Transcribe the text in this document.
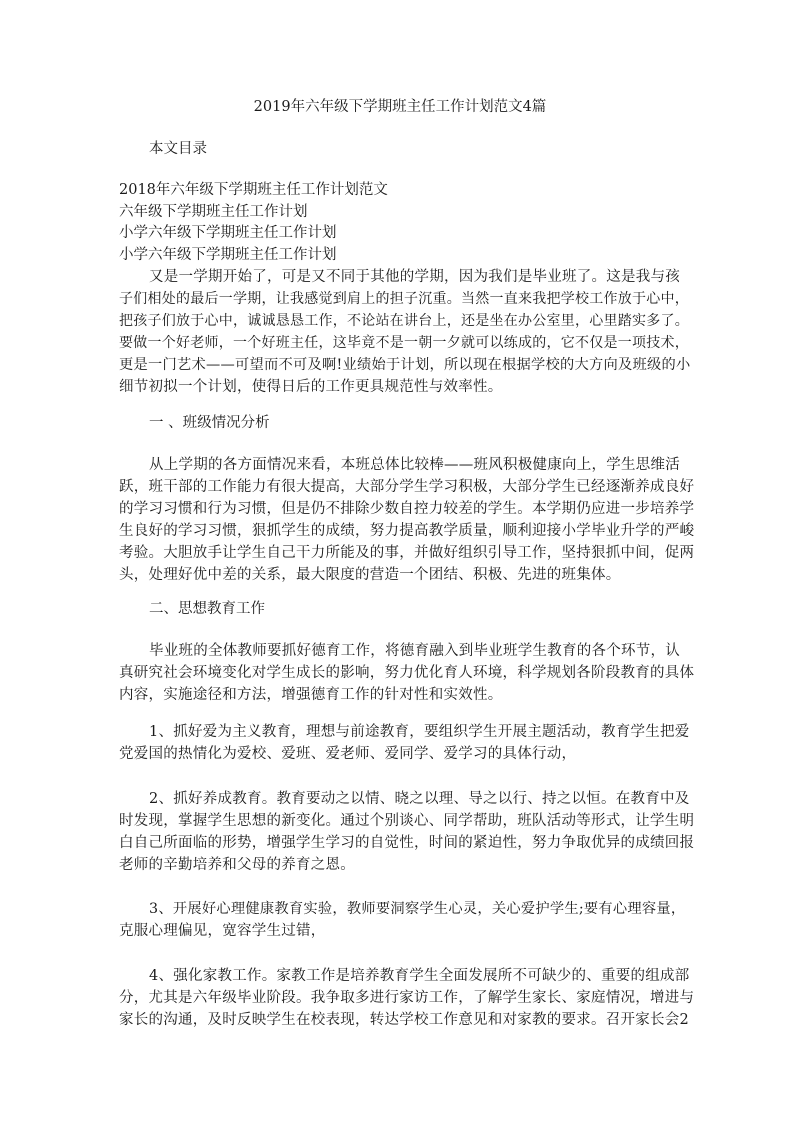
2019年六年级下学期班主任工作计划范文4篇
本文目录
2018年六年级下学期班主任工作计划范文
六年级下学期班主任工作计划
小学六年级下学期班主任工作计划
小学六年级下学期班主任工作计划
又是一学期开始了，可是又不同于其他的学期，因为我们是毕业班了。这是我与孩
子们相处的最后一学期，让我感觉到肩上的担子沉重。当然一直来我把学校工作放于心中，
把孩子们放于心中，诚诚恳恳工作，不论站在讲台上，还是坐在办公室里，心里踏实多了。
要做一个好老师，一个好班主任，这毕竟不是一朝一夕就可以练成的，它不仅是一项技术，
更是一门艺术——可望而不可及啊!业绩始于计划，所以现在根据学校的大方向及班级的小
细节初拟一个计划，使得日后的工作更具规范性与效率性。
一 、班级情况分析
从上学期的各方面情况来看，本班总体比较棒——班风积极健康向上，学生思维活
跃，班干部的工作能力有很大提高，大部分学生学习积极，大部分学生已经逐渐养成良好
的学习习惯和行为习惯，但是仍不排除少数自控力较差的学生。本学期仍应进一步培养学
生良好的学习习惯，狠抓学生的成绩，努力提高教学质量，顺利迎接小学毕业升学的严峻
考验。大胆放手让学生自己干力所能及的事，并做好组织引导工作，坚持狠抓中间，促两
头，处理好优中差的关系，最大限度的营造一个团结、积极、先进的班集体。
二、思想教育工作
毕业班的全体教师要抓好德育工作，将德育融入到毕业班学生教育的各个环节，认
真研究社会环境变化对学生成长的影响，努力优化育人环境，科学规划各阶段教育的具体
内容，实施途径和方法，增强德育工作的针对性和实效性。
1、抓好爱为主义教育，理想与前途教育，要组织学生开展主题活动，教育学生把爱
党爱国的热情化为爱校、爱班、爱老师、爱同学、爱学习的具体行动，
2、抓好养成教育。教育要动之以情、晓之以理、导之以行、持之以恒。在教育中及
时发现，掌握学生思想的新变化。通过个别谈心、同学帮助，班队活动等形式，让学生明
白自己所面临的形势，增强学生学习的自觉性，时间的紧迫性，努力争取优异的成绩回报
老师的辛勤培养和父母的养育之恩。
3、开展好心理健康教育实验，教师要洞察学生心灵，关心爱护学生;要有心理容量，
克服心理偏见，宽容学生过错，
4、强化家教工作。家教工作是培养教育学生全面发展所不可缺少的、重要的组成部
分，尤其是六年级毕业阶段。我争取多进行家访工作，了解学生家长、家庭情况，增进与
家长的沟通，及时反映学生在校表现，转达学校工作意见和对家教的要求。召开家长会2
